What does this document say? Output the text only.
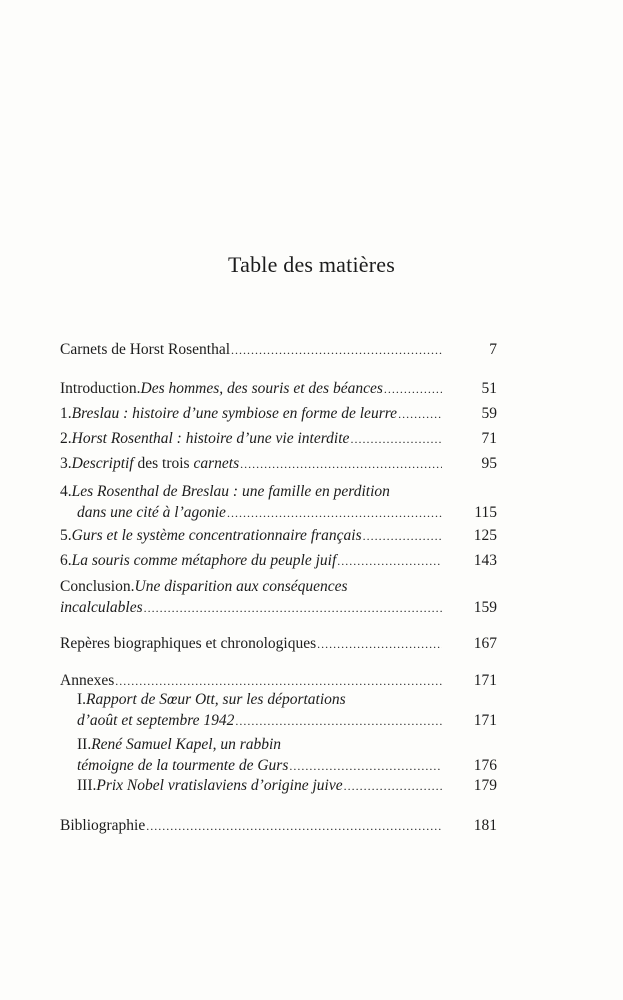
Table des matières
Carnets de Horst Rosenthal .....	7
Introduction. Des hommes, des souris et des béances .....	51
1. Breslau : histoire d’une symbiose en forme de leurre .....	59
2. Horst Rosenthal : histoire d’une vie interdite .....	71
3. Descriptif des trois carnets .....	95
4. Les Rosenthal de Breslau : une famille en perdition
dans une cité à l’agonie .....	115
5. Gurs et le système concentrationnaire français .....	125
6. La souris comme métaphore du peuple juif .....	143
Conclusion. Une disparition aux conséquences
incalculables .....	159
Repères biographiques et chronologiques .....	167
Annexes .....	171
I. Rapport de Sœur Ott, sur les déportations
d’août et septembre 1942 .....	171
II. René Samuel Kapel, un rabbin
témoigne de la tourmente de Gurs .....	176
III. Prix Nobel vratislaviens d’origine juive .....	179
Bibliographie .....	181
